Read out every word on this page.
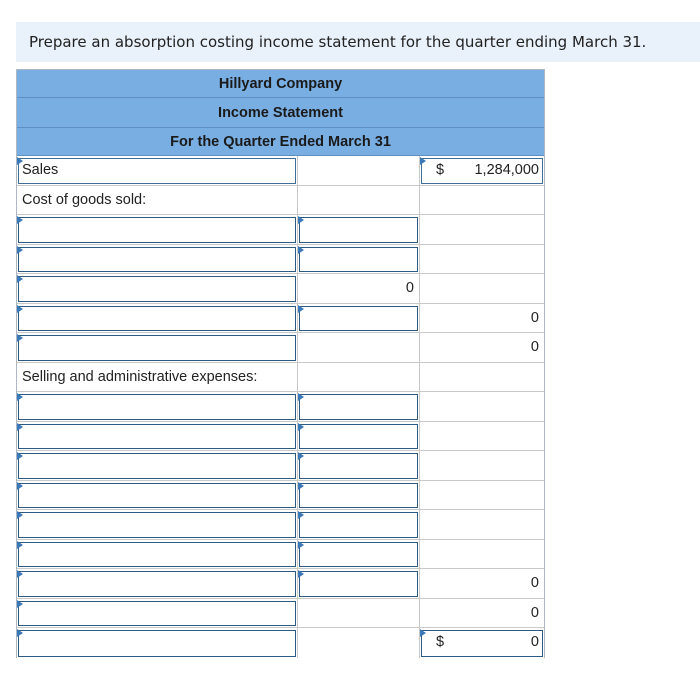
Prepare an absorption costing income statement for the quarter ending March 31.
Hillyard Company
Income Statement
For the Quarter Ended March 31
Sales	$ 1,284,000
Cost of goods sold:
0
0
0
Selling and administrative expenses:
0
0
$	0
